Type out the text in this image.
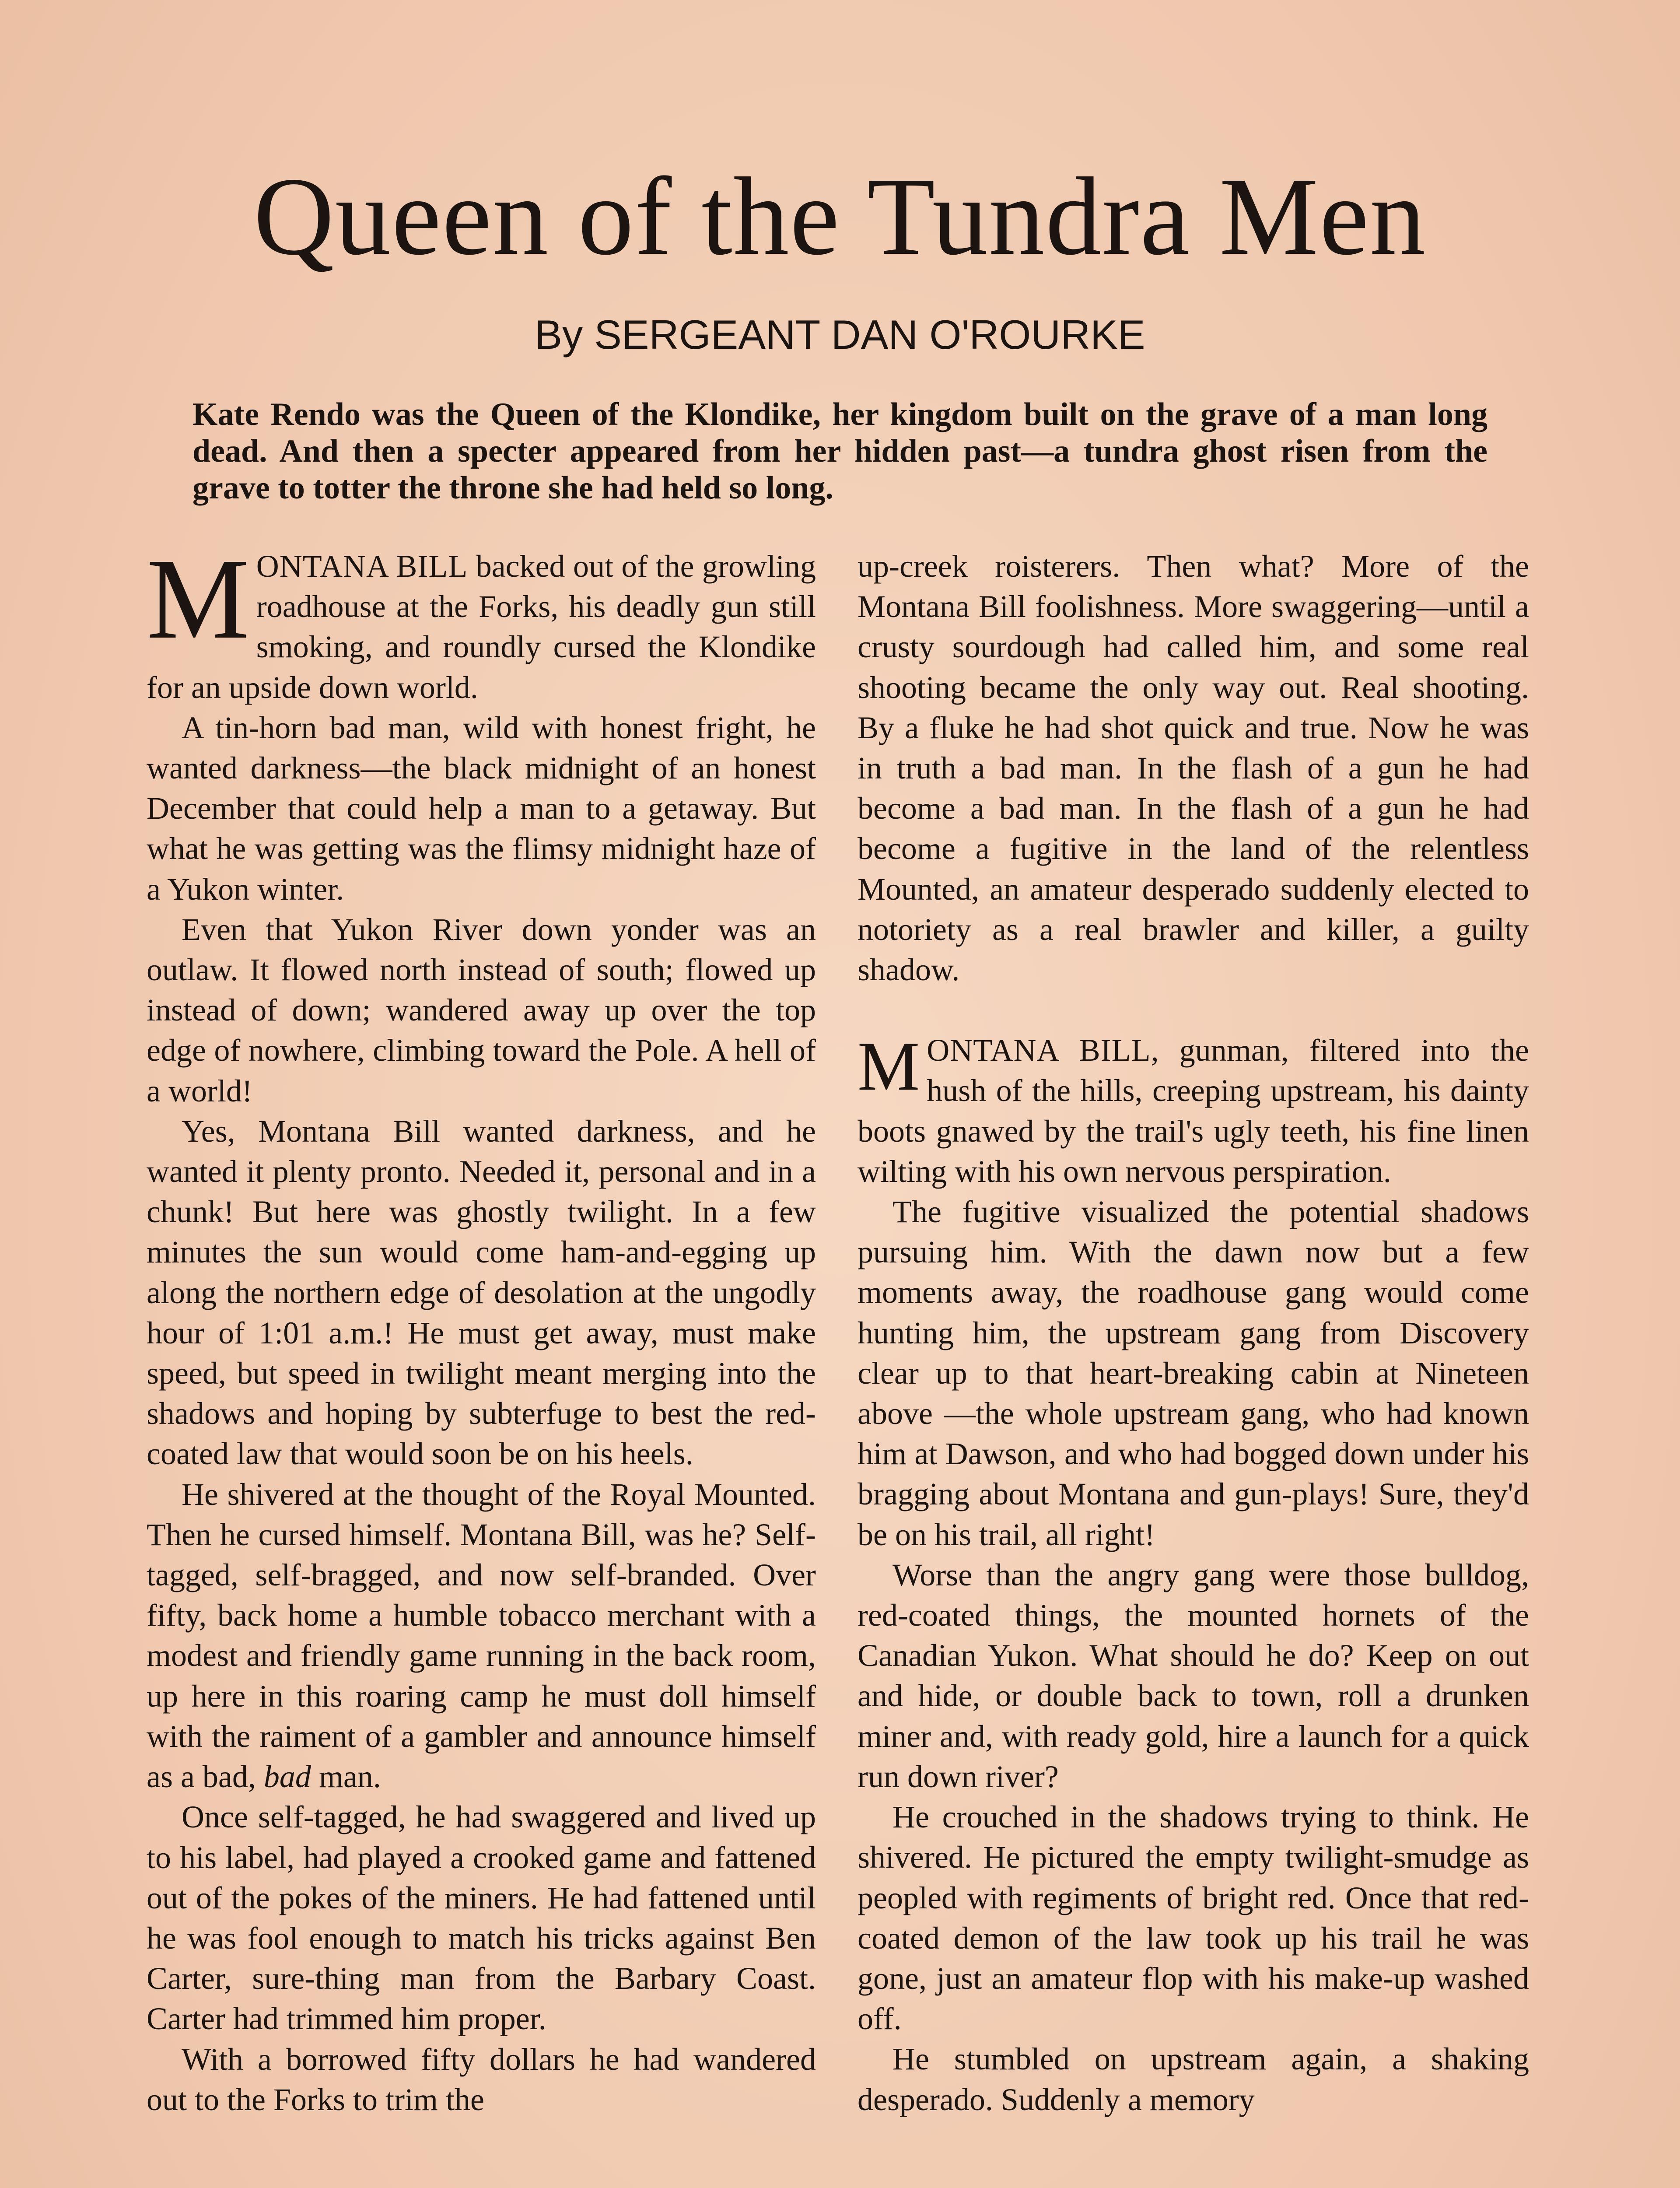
Queen of the Tundra Men
By SERGEANT DAN O'ROURKE
Kate Rendo was the Queen of the Klondike, her kingdom built on the grave of a man long dead. And then a specter appeared from her hidden past—a tundra ghost risen from the grave to totter the throne she had held so long.

MONTANA BILL backed out of the growling roadhouse at the Forks, his deadly gun still smoking, and roundly cursed the Klondike for an upside down world.

A tin-horn bad man, wild with honest fright, he wanted darkness—the black midnight of an honest December that could help a man to a getaway. But what he was getting was the flimsy midnight haze of a Yukon winter.

Even that Yukon River down yonder was an outlaw. It flowed north instead of south; flowed up instead of down; wandered away up over the top edge of nowhere, climbing toward the Pole. A hell of a world!

Yes, Montana Bill wanted darkness, and he wanted it plenty pronto. Needed it, personal and in a chunk! But here was ghostly twilight. In a few minutes the sun would come ham-and-egging up along the northern edge of desolation at the ungodly hour of 1:01 a.m.! He must get away, must make speed, but speed in twilight meant merging into the shadows and hoping by subterfuge to best the red-coated law that would soon be on his heels.

He shivered at the thought of the Royal Mounted. Then he cursed himself. Montana Bill, was he? Self-tagged, self-bragged, and now self-branded. Over fifty, back home a humble tobacco merchant with a modest and friendly game running in the back room, up here in this roaring camp he must doll himself with the raiment of a gambler and announce himself as a bad, bad man.

Once self-tagged, he had swaggered and lived up to his label, had played a crooked game and fattened out of the pokes of the miners. He had fattened until he was fool enough to match his tricks against Ben Carter, sure-thing man from the Barbary Coast. Carter had trimmed him proper.

With a borrowed fifty dollars he had wandered out to the Forks to trim the

up-creek roisterers. Then what? More of the Montana Bill foolishness. More swaggering—until a crusty sourdough had called him, and some real shooting became the only way out. Real shooting. By a fluke he had shot quick and true. Now he was in truth a bad man. In the flash of a gun he had become a bad man. In the flash of a gun he had become a fugitive in the land of the relentless Mounted, an amateur desperado suddenly elected to notoriety as a real brawler and killer, a guilty shadow.

MONTANA BILL, gunman, filtered into the hush of the hills, creeping upstream, his dainty boots gnawed by the trail's ugly teeth, his fine linen wilting with his own nervous perspiration.

The fugitive visualized the potential shadows pursuing him. With the dawn now but a few moments away, the roadhouse gang would come hunting him, the upstream gang from Discovery clear up to that heart-breaking cabin at Nineteen above —the whole upstream gang, who had known him at Dawson, and who had bogged down under his bragging about Montana and gun-plays! Sure, they'd be on his trail, all right!

Worse than the angry gang were those bulldog, red-coated things, the mounted hornets of the Canadian Yukon. What should he do? Keep on out and hide, or double back to town, roll a drunken miner and, with ready gold, hire a launch for a quick run down river?

He crouched in the shadows trying to think. He shivered. He pictured the empty twilight-smudge as peopled with regiments of bright red. Once that red-coated demon of the law took up his trail he was gone, just an amateur flop with his make-up washed off.

He stumbled on upstream again, a shaking desperado. Suddenly a memory
